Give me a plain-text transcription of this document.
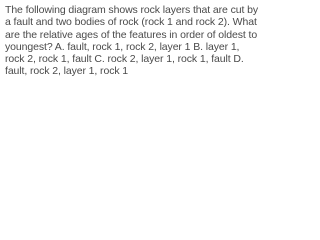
The following diagram shows rock layers that are cut by a fault and two bodies of rock (rock 1 and rock 2). What are the relative ages of the features in order of oldest to youngest? A. fault, rock 1, rock 2, layer 1 B. layer 1, rock 2, rock 1, fault C. rock 2, layer 1, rock 1, fault D. fault, rock 2, layer 1, rock 1
